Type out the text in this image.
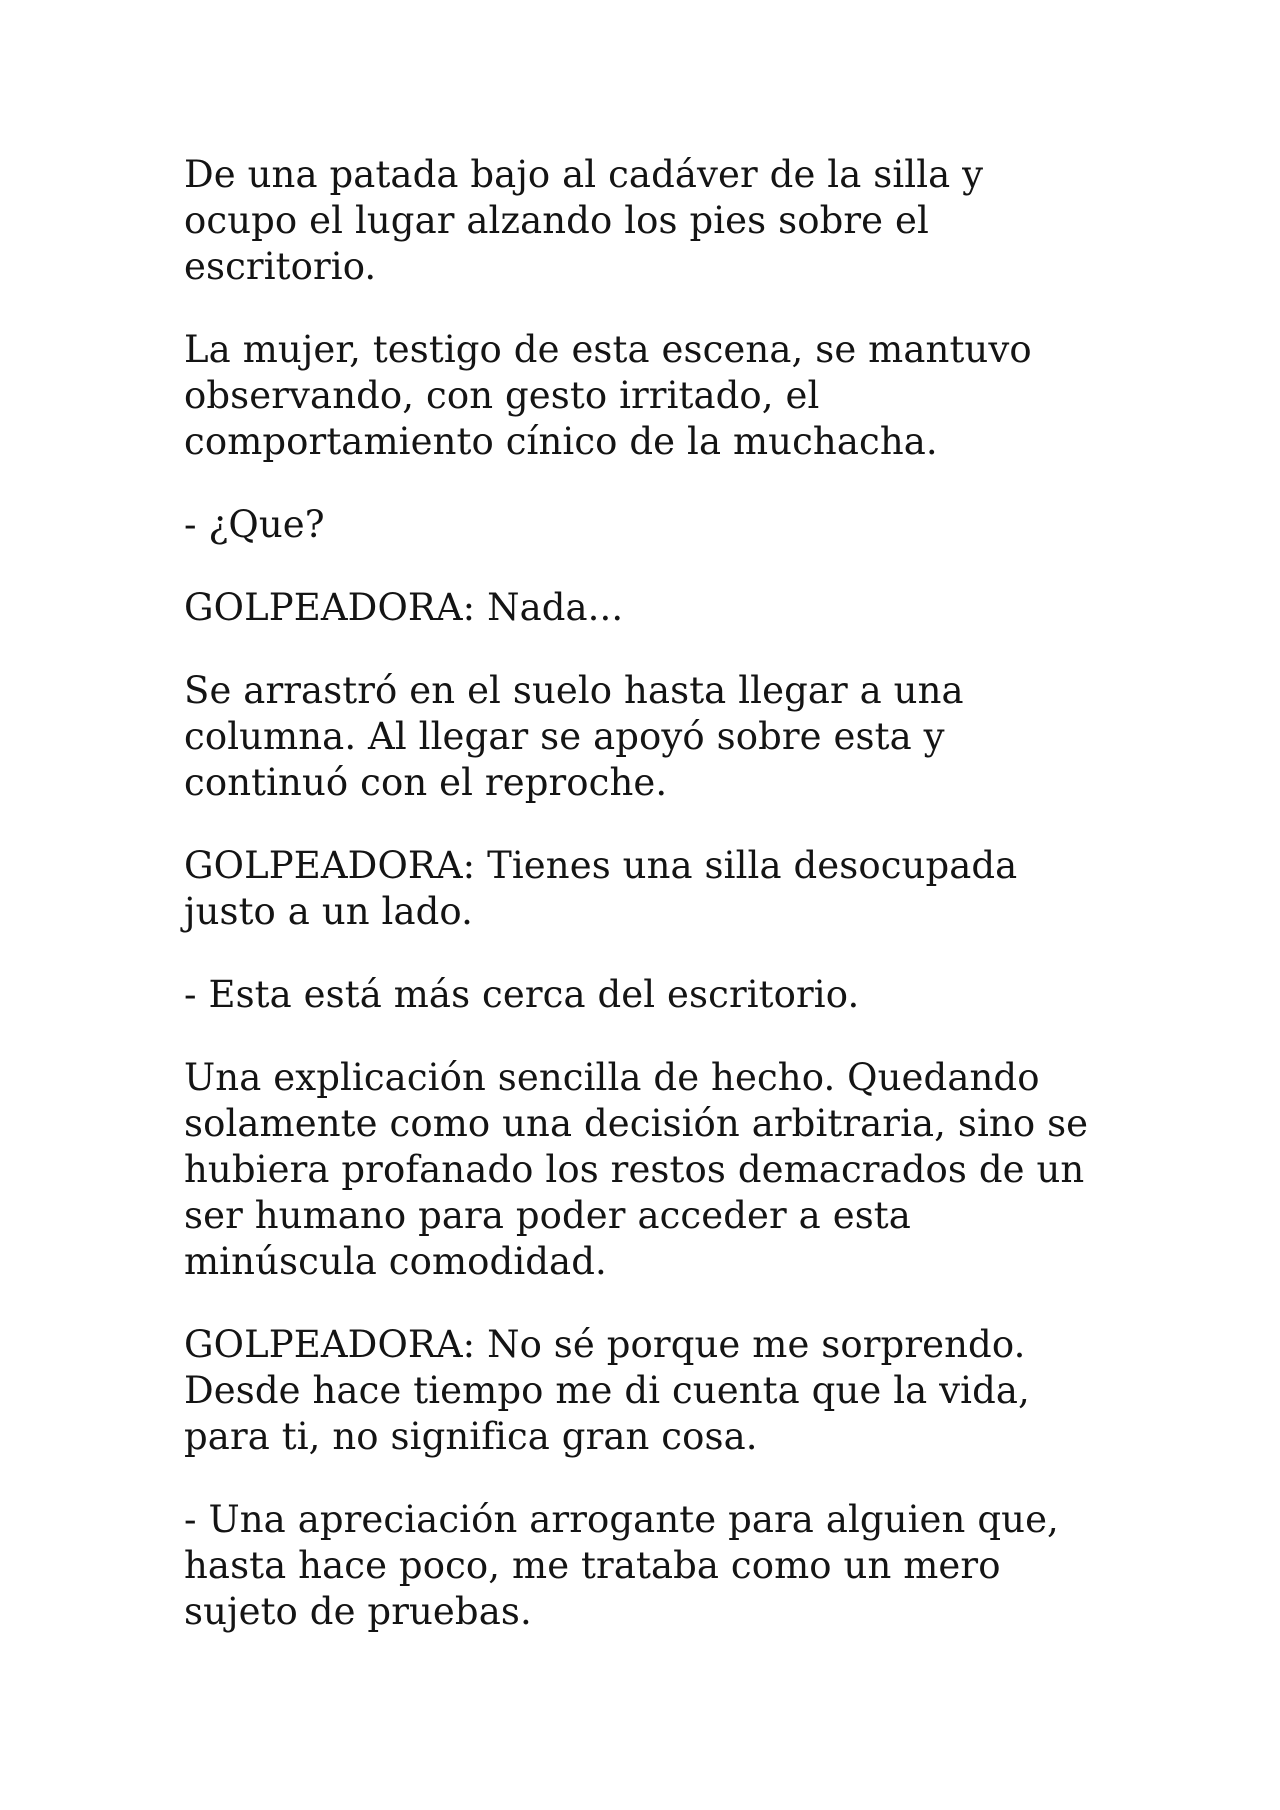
De una patada bajo al cadáver de la silla y
ocupo el lugar alzando los pies sobre el
escritorio.

La mujer, testigo de esta escena, se mantuvo
observando, con gesto irritado, el
comportamiento cínico de la muchacha.

- ¿Que?

GOLPEADORA: Nada...

Se arrastró en el suelo hasta llegar a una
columna. Al llegar se apoyó sobre esta y
continuó con el reproche.

GOLPEADORA: Tienes una silla desocupada
justo a un lado.

- Esta está más cerca del escritorio.

Una explicación sencilla de hecho. Quedando
solamente como una decisión arbitraria, sino se
hubiera profanado los restos demacrados de un
ser humano para poder acceder a esta
minúscula comodidad.

GOLPEADORA: No sé porque me sorprendo.
Desde hace tiempo me di cuenta que la vida,
para ti, no significa gran cosa.

- Una apreciación arrogante para alguien que,
hasta hace poco, me trataba como un mero
sujeto de pruebas.
